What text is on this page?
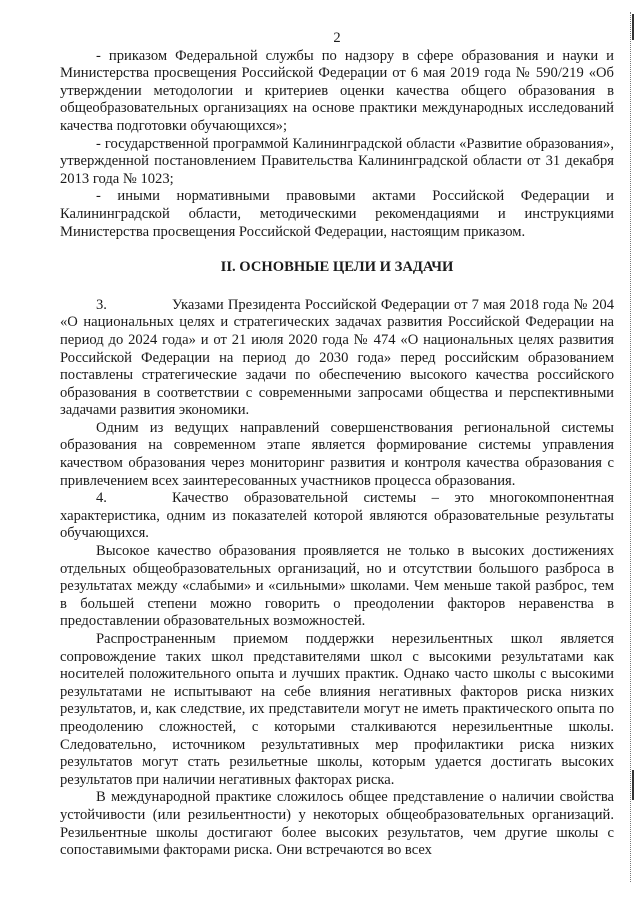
2

- приказом Федеральной службы по надзору в сфере образования и науки и Министерства просвещения Российской Федерации от 6 мая 2019 года № 590/219 «Об утверждении методологии и критериев оценки качества общего образования в общеобразовательных организациях на основе практики международных исследований качества подготовки обучающихся»;

- государственной программой Калининградской области «Развитие образования», утвержденной постановлением Правительства Калининградской области от 31 декабря 2013 года № 1023;

- иными нормативными правовыми актами Российской Федерации и Калининградской области, методическими рекомендациями и инструкциями Министерства просвещения Российской Федерации, настоящим приказом.

II. ОСНОВНЫЕ ЦЕЛИ И ЗАДАЧИ

3.	Указами Президента Российской Федерации от 7 мая 2018 года № 204 «О национальных целях и стратегических задачах развития Российской Федерации на период до 2024 года» и от 21 июля 2020 года № 474 «О национальных целях развития Российской Федерации на период до 2030 года» перед российским образованием поставлены стратегические задачи по обеспечению высокого качества российского образования в соответствии с современными запросами общества и перспективными задачами развития экономики.

Одним из ведущих направлений совершенствования региональной системы образования на современном этапе является формирование системы управления качеством образования через мониторинг развития и контроля качества образования с привлечением всех заинтересованных участников процесса образования.

4.	Качество образовательной системы – это многокомпонентная характеристика, одним из показателей которой являются образовательные результаты обучающихся.

Высокое качество образования проявляется не только в высоких достижениях отдельных общеобразовательных организаций, но и отсутствии большого разброса в результатах между «слабыми» и «сильными» школами. Чем меньше такой разброс, тем в большей степени можно говорить о преодолении факторов неравенства в предоставлении образовательных возможностей.

Распространенным приемом поддержки нерезильентных школ является сопровождение таких школ представителями школ с высокими результатами как носителей положительного опыта и лучших практик. Однако часто школы с высокими результатами не испытывают на себе влияния негативных факторов риска низких результатов, и, как следствие, их представители могут не иметь практического опыта по преодолению сложностей, с которыми сталкиваются нерезильентные школы. Следовательно, источником результативных мер профилактики риска низких результатов могут стать резильетные школы, которым удается достигать высоких результатов при наличии негативных факторах риска.

В международной практике сложилось общее представление о наличии свойства устойчивости (или резильентности) у некоторых общеобразовательных организаций. Резильентные школы достигают более высоких результатов, чем другие школы с сопоставимыми факторами риска. Они встречаются во всех
